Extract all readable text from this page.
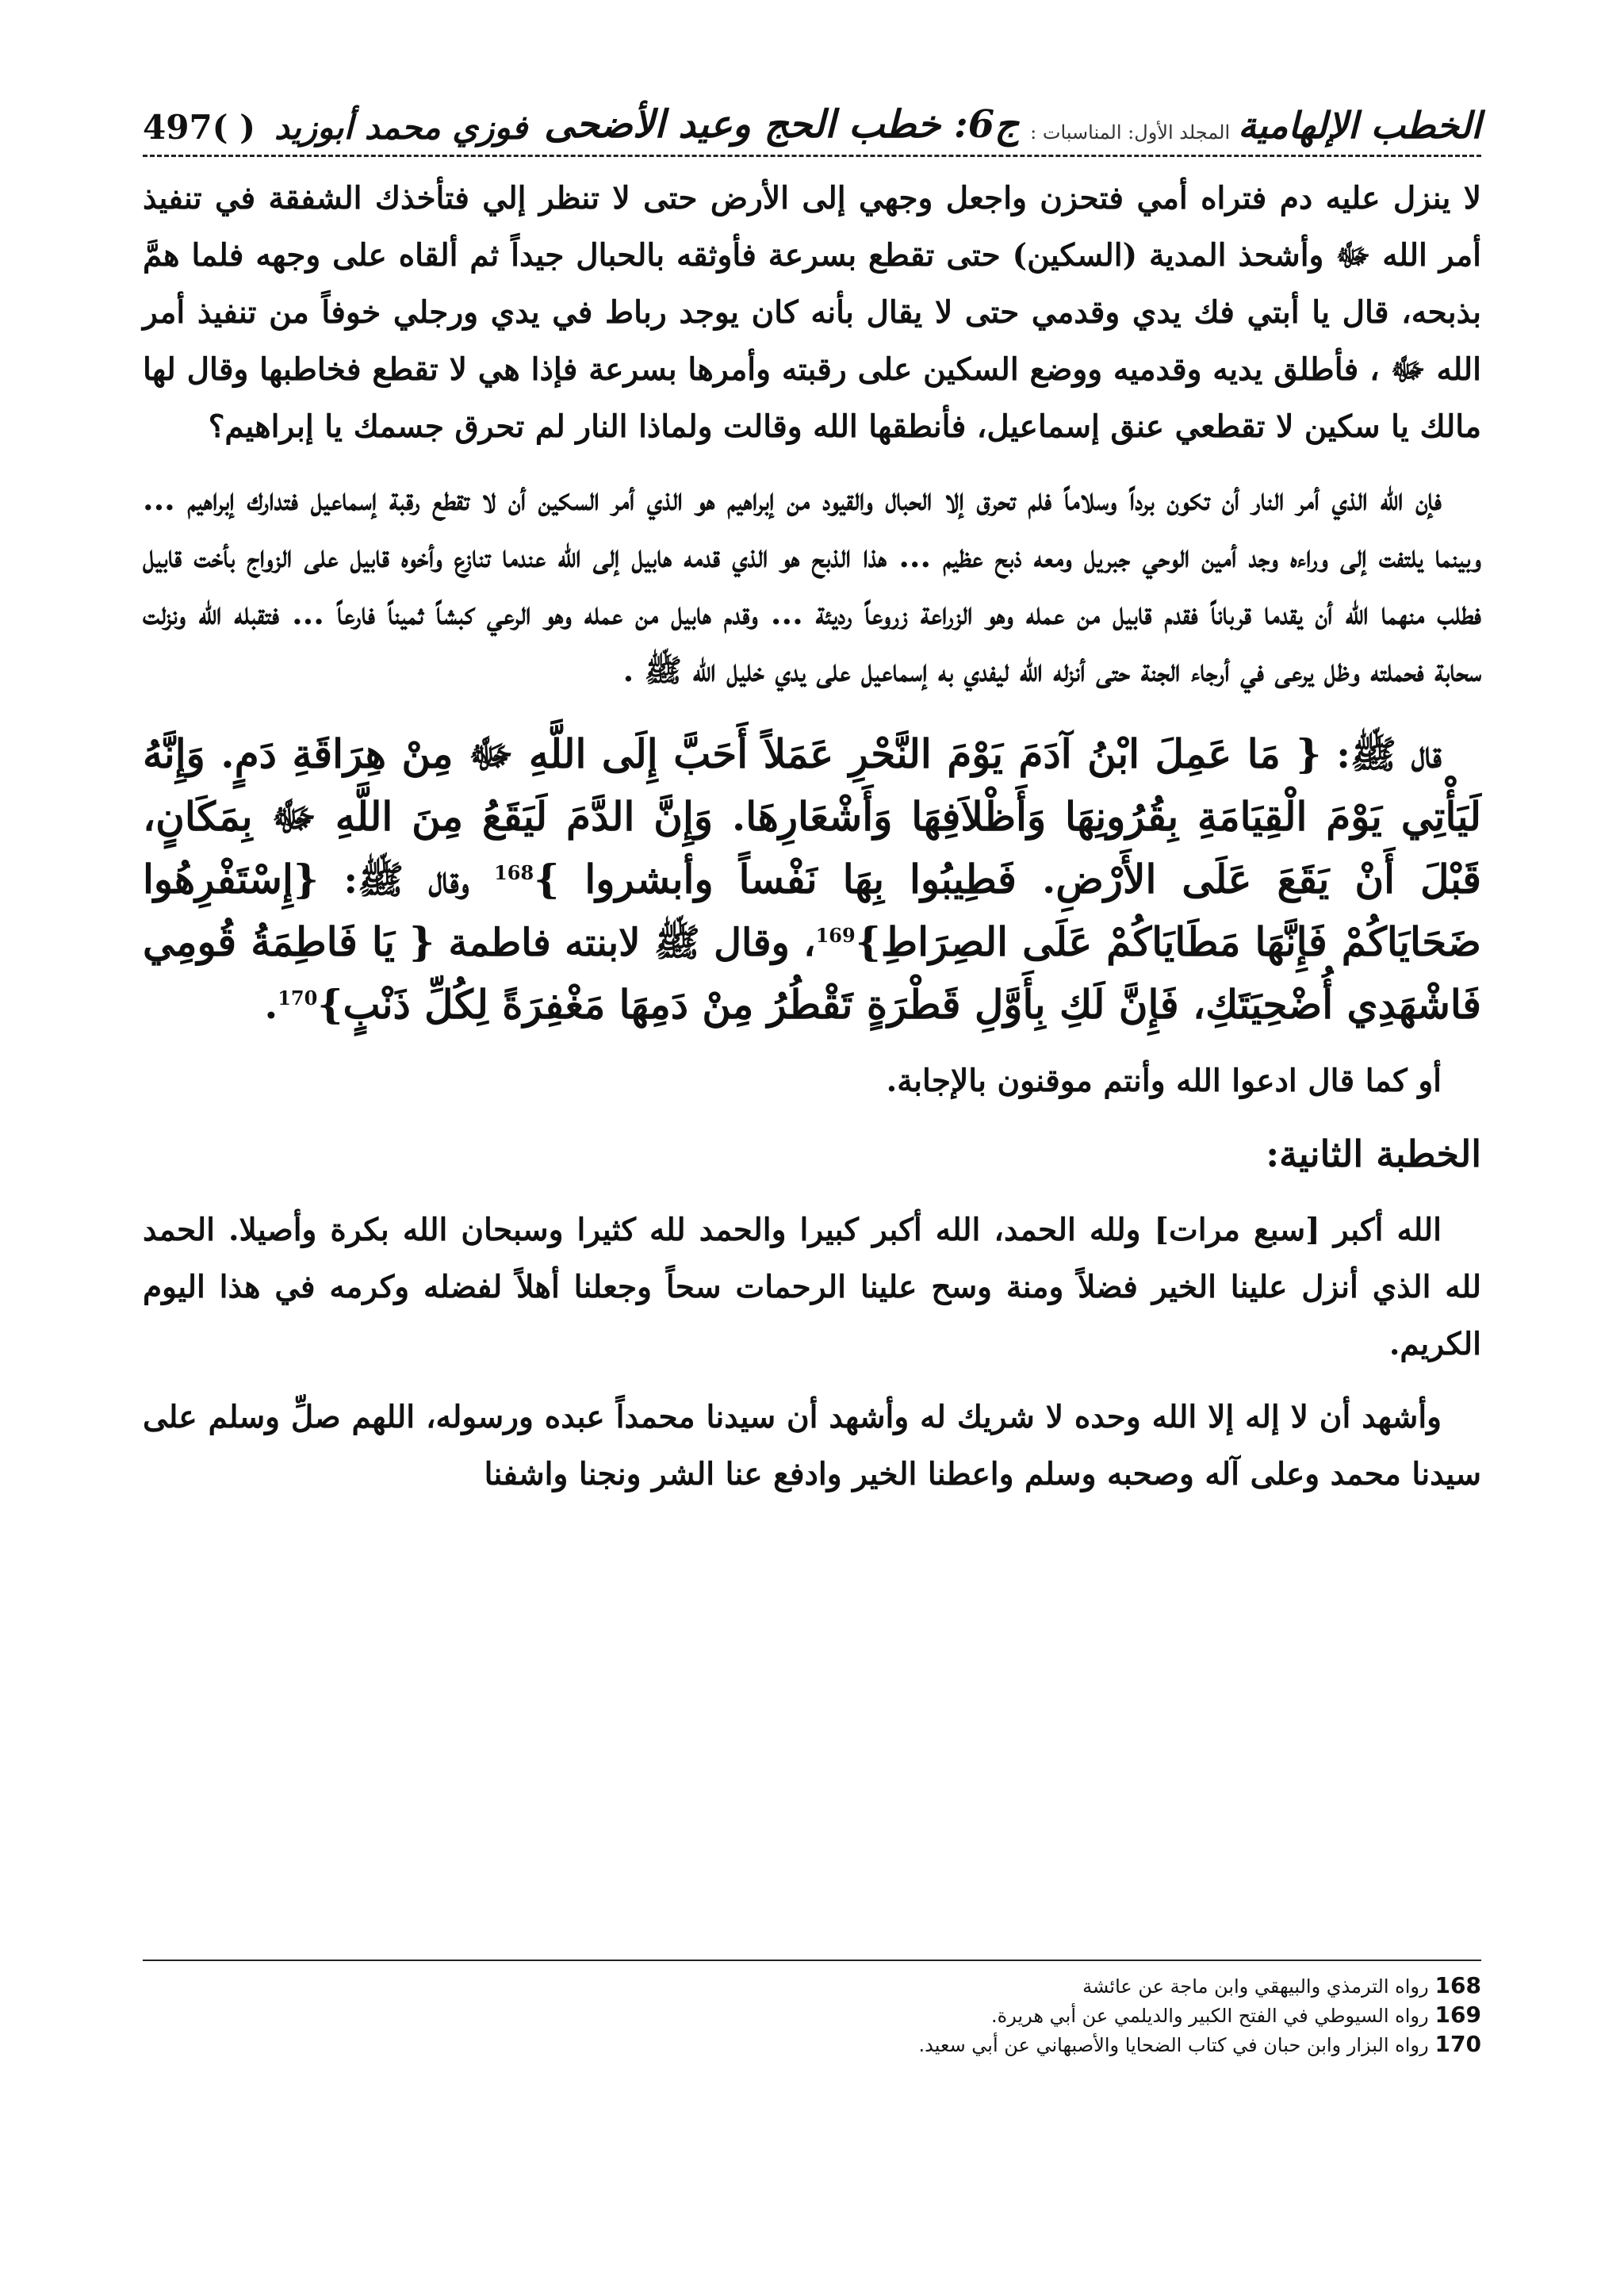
الخطب الإلهامية
المجلد الأول: المناسبات :
ج6: خطب الحج وعيد الأضحى
فوزي محمد أبوزيد
497( )

لا ينزل عليه دم فتراه أمي فتحزن واجعل وجهي إلى الأرض حتى لا تنظر إلي فتأخذك الشفقة في تنفيذ أمر الله ﷻ وأشحذ المدية (السكين) حتى تقطع بسرعة فأوثقه بالحبال جيداً ثم ألقاه على وجهه فلما همَّ بذبحه، قال يا أبتي فك يدي وقدمي حتى لا يقال بأنه كان يوجد رباط في يدي ورجلي خوفاً من تنفيذ أمر الله ﷻ ، فأطلق يديه وقدميه ووضع السكين على رقبته وأمرها بسرعة فإذا هي لا تقطع فخاطبها وقال لها مالك يا سكين لا تقطعي عنق إسماعيل، فأنطقها الله وقالت ولماذا النار لم تحرق جسمك يا إبراهيم؟

فإن الله الذي أمر النار أن تكون برداً وسلاماً فلم تحرق إلا الحبال والقيود من إبراهيم هو الذي أمر السكين أن لا تقطع رقبة إسماعيل فتدارك إبراهيم ... وبينما يلتفت إلى وراءه وجد أمين الوحي جبريل ومعه ذبح عظيم ... هذا الذبح هو الذي قدمه هابيل إلى الله عندما تنازع وأخوه قابيل على الزواج بأخت قابيل فطلب منهما الله أن يقدما قرباناً فقدم قابيل من عمله وهو الزراعة زروعاً رديئة ... وقدم هابيل من عمله وهو الرعي كبشاً ثميناً فارعاً ... فتقبله الله ونزلت سحابة فحملته وظل يرعى في أرجاء الجنة حتى أنزله الله ليفدي به إسماعيل على يدي خليل الله ﷺ .

قال ﷺ: { مَا عَمِلَ ابْنُ آدَمَ يَوْمَ النَّحْرِ عَمَلاً أَحَبَّ إِلَى اللَّهِ ﷻ مِنْ هِرَاقَةِ دَمٍ. وَإِنَّهُ لَيَأْتِي يَوْمَ الْقِيَامَةِ بِقُرُونِهَا وَأَظْلاَفِهَا وَأَشْعَارِهَا. وَإِنَّ الدَّمَ لَيَقَعُ مِنَ اللَّهِ ﷻ بِمَكَانٍ، قَبْلَ أَنْ يَقَعَ عَلَى الأَرْضِ. فَطِيبُوا بِهَا نَفْساً وأبشروا }$^{168}$ وقال ﷺ: {إِسْتَفْرِهُوا ضَحَايَاكُمْ فَإِنَّهَا مَطَايَاكُمْ عَلَى الصِرَاطِ}$^{169}$، وقال ﷺ لابنته فاطمة { يَا فَاطِمَةُ قُومِي فَاشْهَدِي أُضْحِيَتَكِ، فَإِنَّ لَكِ بِأَوَّلِ قَطْرَةٍ تَقْطُرُ مِنْ دَمِهَا مَغْفِرَةً لِكُلِّ ذَنْبٍ}$^{170}$.

أو كما قال ادعوا الله وأنتم موقنون بالإجابة.

الخطبة الثانية:

الله أكبر [سبع مرات] ولله الحمد، الله أكبر كبيرا والحمد لله كثيرا وسبحان الله بكرة وأصيلا. الحمد لله الذي أنزل علينا الخير فضلاً ومنة وسح علينا الرحمات سحاً وجعلنا أهلاً لفضله وكرمه في هذا اليوم الكريم.

وأشهد أن لا إله إلا الله وحده لا شريك له وأشهد أن سيدنا محمداً عبده ورسوله، اللهم صلِّ وسلم على سيدنا محمد وعلى آله وصحبه وسلم واعطنا الخير وادفع عنا الشر ونجنا واشفنا

168رواه الترمذي والبيهقي وابن ماجة عن عائشة
169رواه السيوطي في الفتح الكبير والديلمي عن أبي هريرة.
170رواه البزار وابن حبان في كتاب الضحايا والأصبهاني عن أبي سعيد.
